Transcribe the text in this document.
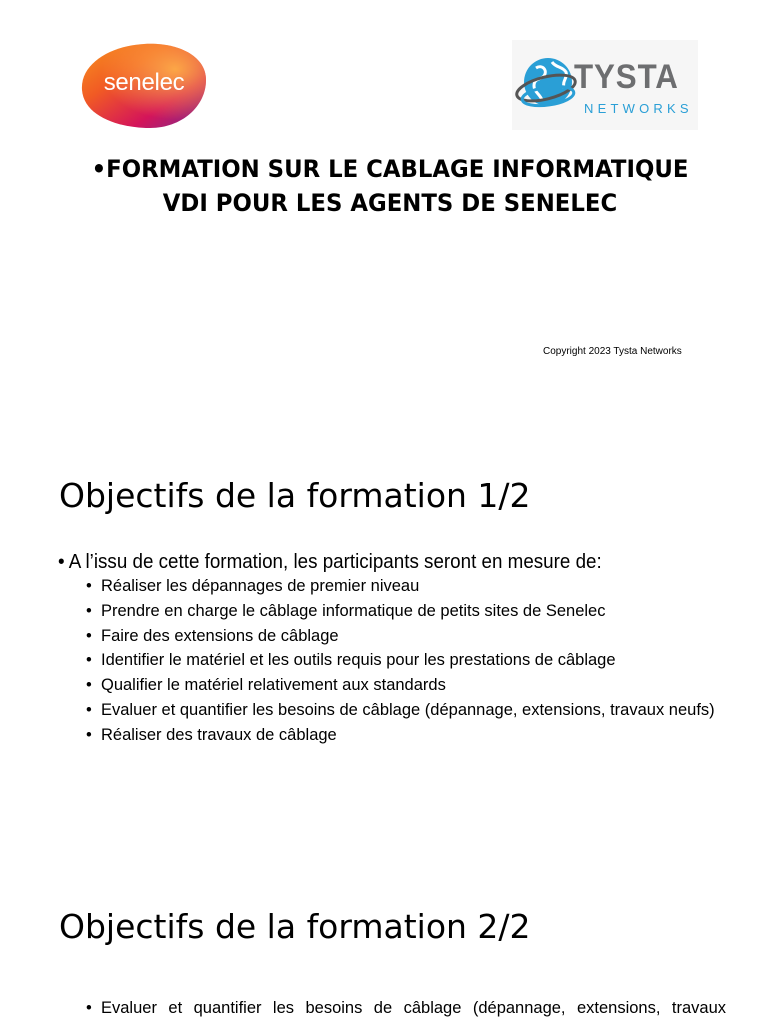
senelec	TYSTA
NETWORKS
•FORMATION SUR LE CABLAGE INFORMATIQUE
VDI POUR LES AGENTS DE SENELEC
Copyright 2023 Tysta Networks
Objectifs de la formation 1/2
• A l’issu de cette formation, les participants seront en mesure de:
• Réaliser les dépannages de premier niveau
• Prendre en charge le câblage informatique de petits sites de Senelec
• Faire des extensions de câblage
• Identifier le matériel et les outils requis pour les prestations de câblage
• Qualifier le matériel relativement aux standards
• Evaluer et quantifier les besoins de câblage (dépannage, extensions, travaux neufs)
• Réaliser des travaux de câblage
Objectifs de la formation 2/2
• Evaluer et quantifier les besoins de câblage (dépannage, extensions, travaux
